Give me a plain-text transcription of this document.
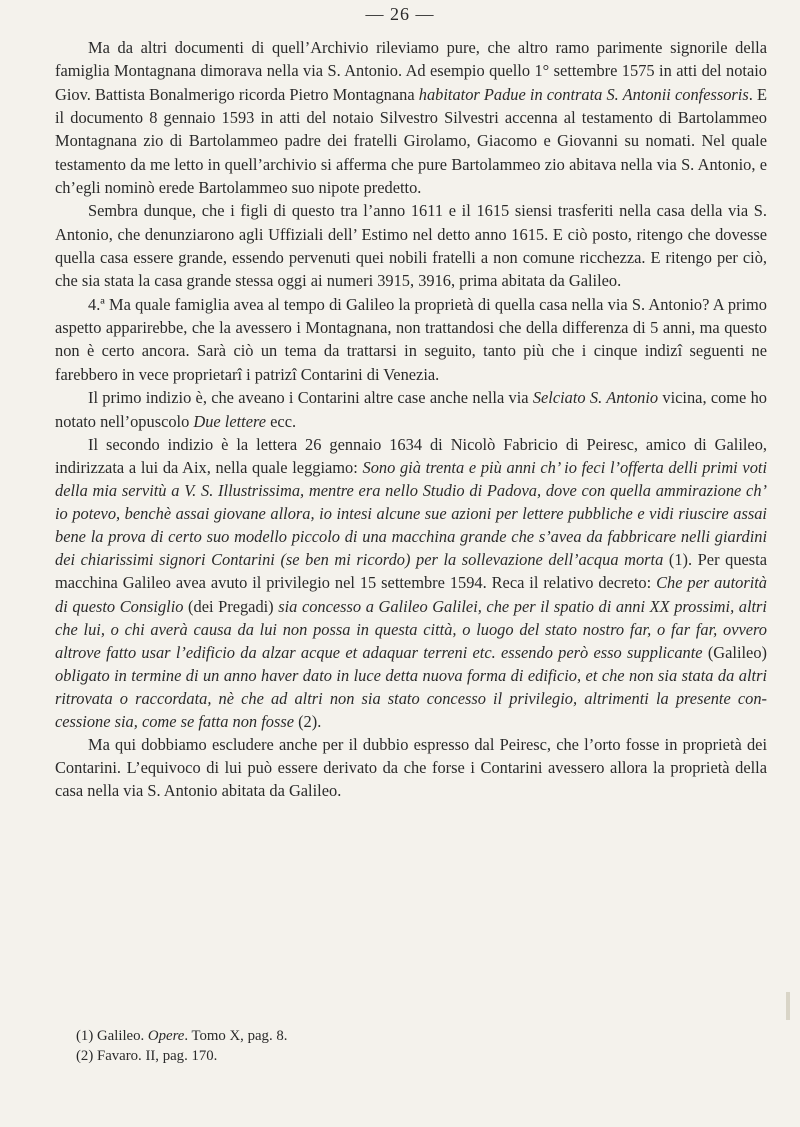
— 26 —

Ma da altri documenti di quell’Archivio rileviamo pure, che altro ramo parimente signorile della famiglia Montagnana dimorava nella via S. Antonio. Ad esempio quello 1° settembre 1575 in atti del notaio Giov. Battista Bonalmerigo ricorda Pietro Montagnana habitator Padue in contrata S. Antonii confessoris. E il documento 8 gennaio 1593 in atti del notaio Silvestro Silvestri accenna al testamento di Bartolammeo Montagnana zio di Bartolammeo padre dei fratelli Girolamo, Giacomo e Giovanni su nomati. Nel quale testamento da me letto in quell’archivio si afferma che pure Bartolammeo zio abitava nella via S. Antonio, e ch’egli nominò erede Bartolammeo suo nipote predetto.

Sembra dunque, che i figli di questo tra l’anno 1611 e il 1615 siensi trasferiti nella casa della via S. Antonio, che denunziarono agli Uffiziali dell’ Estimo nel detto anno 1615. E ciò posto, ritengo che dovesse quella casa essere grande, essendo pervenuti quei nobili fratelli a non comune ricchezza. E ritengo per ciò, che sia stata la casa grande stessa oggi ai numeri 3915, 3916, prima abitata da Galileo.

4.ª Ma quale famiglia avea al tempo di Galileo la proprietà di quella casa nella via S. Antonio? A primo aspetto apparirebbe, che la avessero i Montagnana, non trattandosi che della differenza di 5 anni, ma questo non è certo ancora. Sarà ciò un tema da trattarsi in seguito, tanto più che i cinque indizî seguenti ne farebbero in vece proprietarî i patrizî Contarini di Venezia.

Il primo indizio è, che aveano i Contarini altre case anche nella via Selciato S. Antonio vicina, come ho notato nell’opuscolo Due lettere ecc.

Il secondo indizio è la lettera 26 gennaio 1634 di Nicolò Fabricio di Peiresc, amico di Galileo, indirizzata a lui da Aix, nella quale leggiamo: Sono già trenta e più anni ch’ io feci l’offerta delli primi voti della mia servitù a V. S. Illustrissima, mentre era nello Studio di Padova, dove con quella ammirazione ch’ io potevo, benchè assai giovane allora, io intesi alcune sue azioni per lettere pubbliche e vidi riuscire assai bene la prova di certo suo modello piccolo di una macchina grande che s’avea da fabbricare nelli giardini dei chiarissimi signori Contarini (se ben mi ricordo) per la sollevazione dell’acqua morta (1). Per questa macchina Galileo avea avuto il privilegio nel 15 settembre 1594. Reca il relativo decreto: Che per autorità di questo Consiglio (dei Pregadi) sia concesso a Galileo Galilei, che per il spatio di anni XX prossimi, altri che lui, o chi averà causa da lui non possa in questa città, o luogo del stato nostro far, o far far, ovvero altrove fatto usar l’edificio da alzar acque et adaquar terreni etc. essendo però esso supplicante (Galileo) obligato in termine di un anno haver dato in luce detta nuova forma di edificio, et che non sia stata da altri ritrovata o raccordata, nè che ad altri non sia stato concesso il privilegio, altrimenti la presente concessione sia, come se fatta non fosse (2).

Ma qui dobbiamo escludere anche per il dubbio espresso dal Peiresc, che l’orto fosse in proprietà dei Contarini. L’equivoco di lui può essere derivato da che forse i Contarini avessero allora la proprietà della casa nella via S. Antonio abitata da Galileo.

(1) Galileo. Opere. Tomo X, pag. 8.
(2) Favaro. II, pag. 170.
